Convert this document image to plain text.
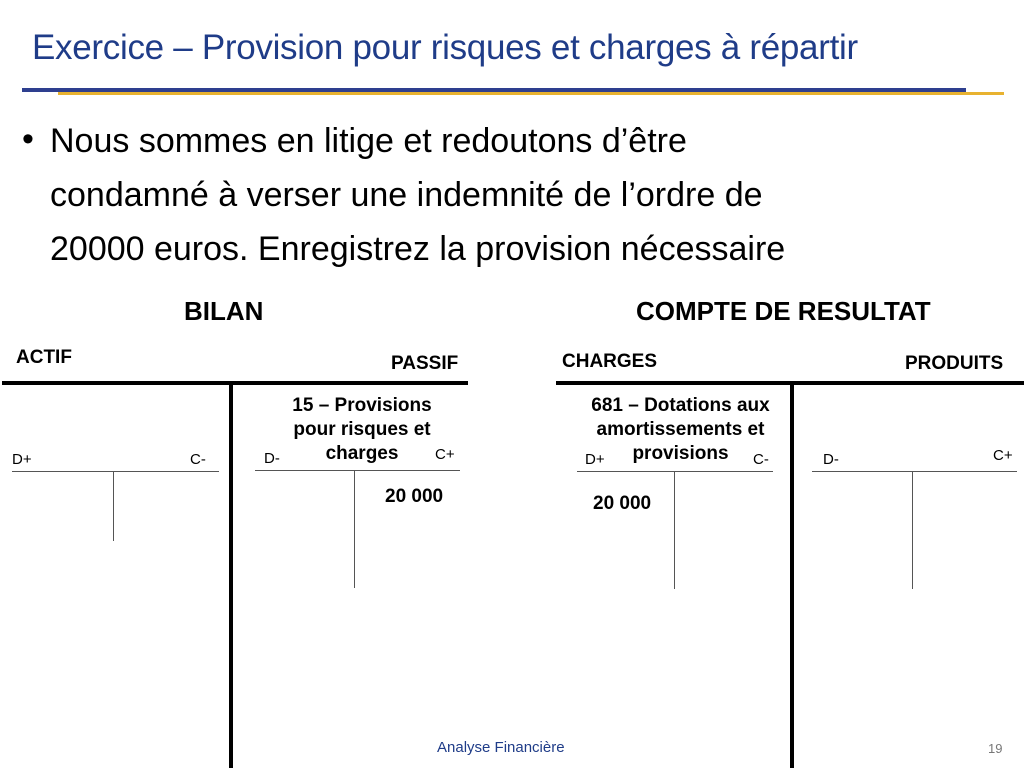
Exercice – Provision pour risques et charges à répartir
• Nous sommes en litige et redoutons d’être
condamné à verser une indemnité de l’ordre de
20000 euros. Enregistrez la provision nécessaire
BILAN	COMPTE DE RESULTAT
ACTIF	PASSIF	CHARGES	PRODUITS
D+	C-
15 – Provisions
pour risques et
charges
D-	C+
20 000
681 – Dotations aux
amortissements et
provisions
D+	C-
20 000
D-	C+
Analyse Financière	19
